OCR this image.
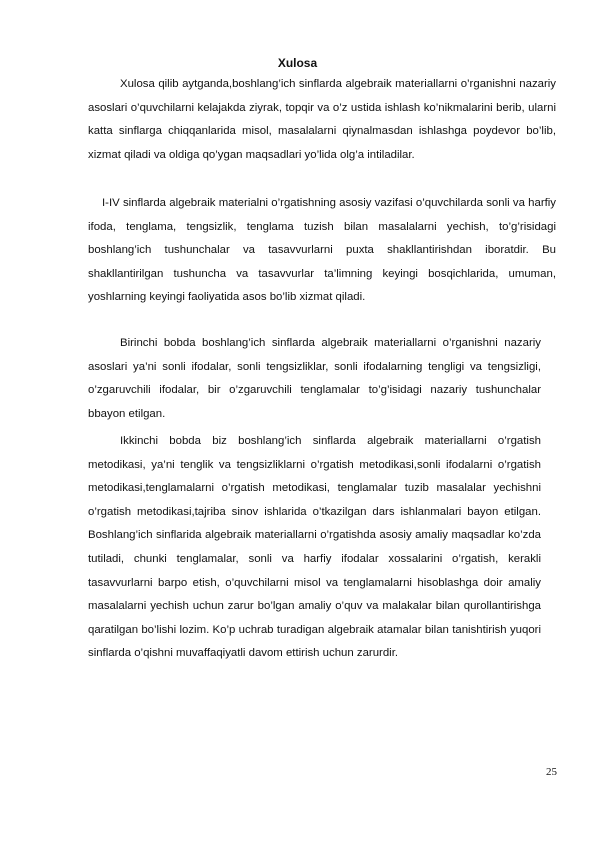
Xulosa

Xulosa qilib aytganda,boshlang’ich sinflarda algebraik materiallarni o’rganishni nazariy asoslari o’quvchilarni kelajakda ziyrak, topqir va o’z ustida ishlash ko’nikmalarini berib, ularni katta sinflarga chiqqanlarida misol, masalalarni qiynalmasdan ishlashga poydevor bo’lib, xizmat qiladi va oldiga qo’ygan maqsadlari yo’lida olg’a intiladilar.

I-IV sinflarda algebraik materialni o’rgatishning asosiy vazifasi o’quvchilarda sonli va harfiy ifoda, tenglama, tengsizlik, tenglama tuzish bilan masalalarni yechish, to’g’risidagi boshlang’ich tushunchalar va tasavvurlarni puxta shakllantirishdan iboratdir. Bu shakllantirilgan tushuncha va tasavvurlar ta’limning keyingi bosqichlarida, umuman, yoshlarning keyingi faoliyatida asos bo’lib xizmat qiladi.

Birinchi bobda boshlang’ich sinflarda algebraik materiallarni o’rganishni nazariy asoslari ya’ni sonli ifodalar, sonli tengsizliklar, sonli ifodalarning tengligi va tengsizligi, o’zgaruvchili ifodalar, bir o’zgaruvchili tenglamalar to’g’isidagi nazariy tushunchalar bbayon etilgan.

Ikkinchi bobda biz boshlang’ich sinflarda algebraik materiallarni o’rgatish metodikasi, ya’ni tenglik va tengsizliklarni o’rgatish metodikasi,sonli ifodalarni o’rgatish metodikasi,tenglamalarni o’rgatish metodikasi, tenglamalar tuzib masalalar yechishni o’rgatish metodikasi,tajriba sinov ishlarida o’tkazilgan dars ishlanmalari bayon etilgan. Boshlang’ich sinflarida algebraik materiallarni o’rgatishda asosiy amaliy maqsadlar ko’zda tutiladi, chunki tenglamalar, sonli va harfiy ifodalar xossalarini o’rgatish, kerakli tasavvurlarni barpo etish, o’quvchilarni misol va tenglamalarni hisoblashga doir amaliy masalalarni yechish uchun zarur bo’lgan amaliy o’quv va malakalar bilan qurollantirishga qaratilgan bo’lishi lozim. Ko’p uchrab turadigan algebraik atamalar bilan tanishtirish yuqori sinflarda o’qishni muvaffaqiyatli davom ettirish uchun zarurdir.

25
